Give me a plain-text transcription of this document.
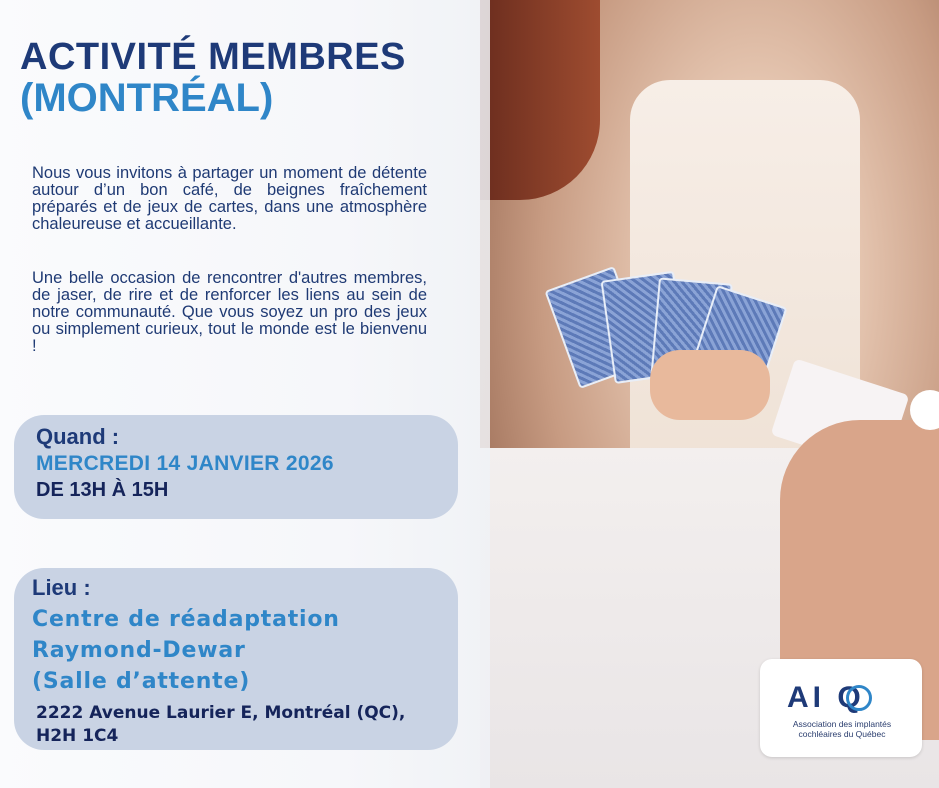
ACTIVITÉ MEMBRES
(MONTRÉAL)

Nous vous invitons à partager un moment de détente autour d’un bon café, de beignes fraîchement préparés et de jeux de cartes, dans une atmosphère chaleureuse et accueillante.

Une belle occasion de rencontrer d'autres membres, de jaser, de rire et de renforcer les liens au sein de notre communauté. Que vous soyez un pro des jeux ou simplement curieux, tout le monde est le bienvenu !

Quand :

MERCREDI 14 JANVIER 2026

DE 13H À 15H

Lieu :

Centre de réadaptation

Raymond-Dewar

(Salle d’attente)

2222 Avenue Laurier E, Montréal (QC),

H2H 1C4

AI Q

Association des implantés cochléaires du Québec
